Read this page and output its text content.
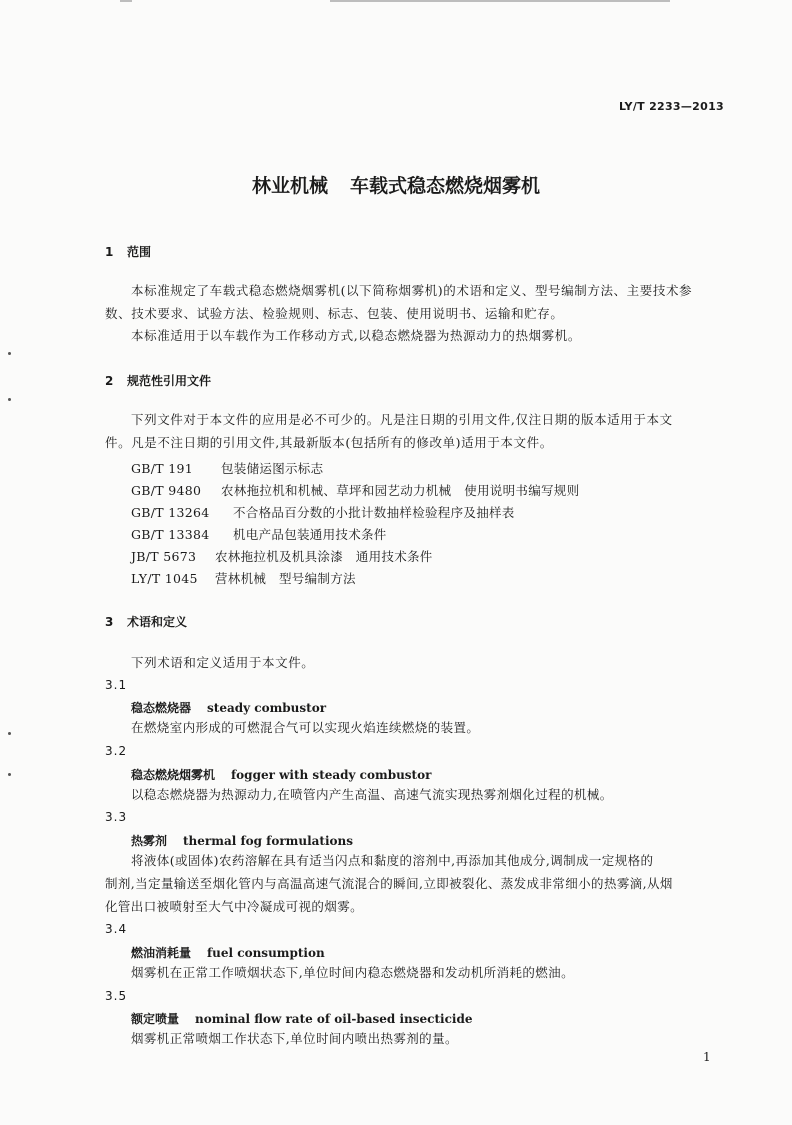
LY/T 2233—2013
林业机械 车载式稳态燃烧烟雾机
1 范围
本标准规定了车载式稳态燃烧烟雾机(以下简称烟雾机)的术语和定义、型号编制方法、主要技术参
数、技术要求、试验方法、检验规则、标志、包装、使用说明书、运输和贮存。
本标准适用于以车载作为工作移动方式,以稳态燃烧器为热源动力的热烟雾机。
2 规范性引用文件
下列文件对于本文件的应用是必不可少的。凡是注日期的引用文件,仅注日期的版本适用于本文
件。凡是不注日期的引用文件,其最新版本(包括所有的修改单)适用于本文件。
GB/T 191 包装储运图示标志
GB/T 9480 农林拖拉机和机械、草坪和园艺动力机械　使用说明书编写规则
GB/T 13264 不合格品百分数的小批计数抽样检验程序及抽样表
GB/T 13384 机电产品包装通用技术条件
JB/T 5673 农林拖拉机及机具涂漆　通用技术条件
LY/T 1045 营林机械　型号编制方法
3 术语和定义
下列术语和定义适用于本文件。
3.1
稳态燃烧器 steady combustor
在燃烧室内形成的可燃混合气可以实现火焰连续燃烧的装置。
3.2
稳态燃烧烟雾机 fogger with steady combustor
以稳态燃烧器为热源动力,在喷管内产生高温、高速气流实现热雾剂烟化过程的机械。
3.3
热雾剂 thermal fog formulations
将液体(或固体)农药溶解在具有适当闪点和黏度的溶剂中,再添加其他成分,调制成一定规格的
制剂,当定量输送至烟化管内与高温高速气流混合的瞬间,立即被裂化、蒸发成非常细小的热雾滴,从烟
化管出口被喷射至大气中冷凝成可视的烟雾。
3.4
燃油消耗量 fuel consumption
烟雾机在正常工作喷烟状态下,单位时间内稳态燃烧器和发动机所消耗的燃油。
3.5
额定喷量 nominal flow rate of oil-based insecticide
烟雾机正常喷烟工作状态下,单位时间内喷出热雾剂的量。
1
